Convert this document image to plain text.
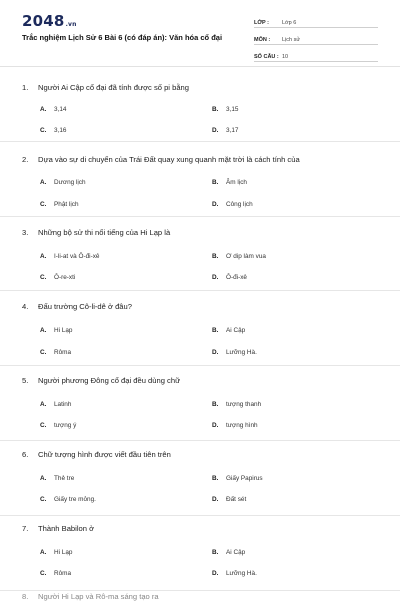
2048.vn
Trắc nghiệm Lịch Sử 6 Bài 6 (có đáp án): Văn hóa cổ đại
LỚP :	Lớp 6
MÔN :	Lịch sử
SỐ CÂU : 10
1. Người Ai Cập cổ đại đã tính được số pi bằng
A. 3,14	B. 3,15
C. 3,16	D. 3,17
2. Dựa vào sự di chuyển của Trái Đất quay xung quanh mặt trời là cách tính của
A. Dương lịch	B. Âm lịch
C. Phật lịch	D. Công lịch
3. Những bộ sử thi nổi tiếng của Hi Lạp là
A. I-li-at và Ô-đi-xê	B. Ơ dip làm vua
C. Ô-re-xti	D. Ô-đi-xê
4. Đấu trường Cô-li-dê ở đâu?
A. Hi Lạp	B. Ai Cập
C. Rôma	D. Lưỡng Hà.
5. Người phương Đông cổ đại đều dùng chữ
A. Latinh	B. tượng thanh
C. tượng ý	D. tượng hình
6. Chữ tượng hình được viết đầu tiên trên
A. Thẻ tre	B. Giấy Papirus
C. Giấy tre mỏng.	D. Đất sét
7. Thành Babilon ở
A. Hi Lạp	B. Ai Cập
C. Rôma	D. Lưỡng Hà.
8. Người Hi Lạp và Rô-ma sáng tạo ra
